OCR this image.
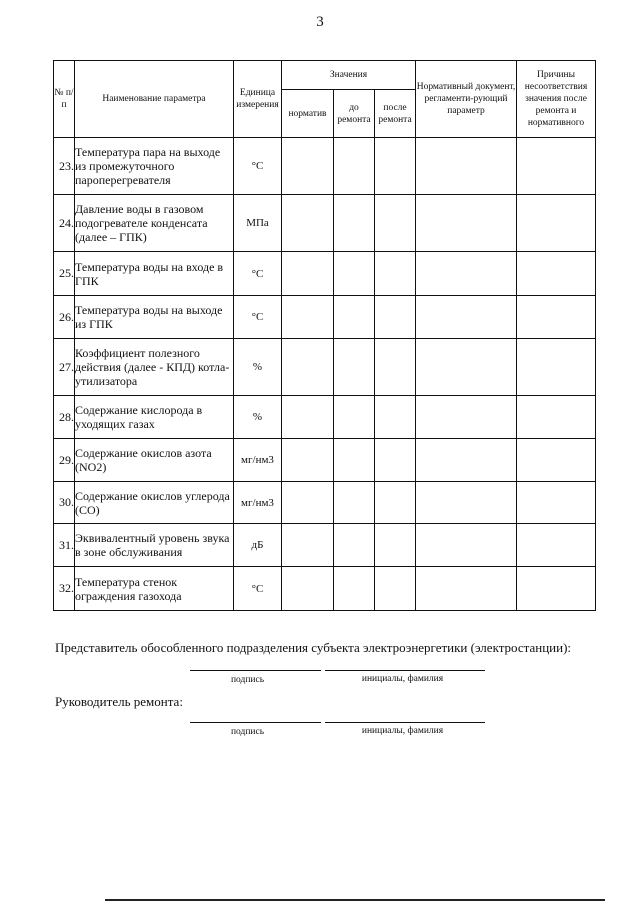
3
№ п/п	Наименование параметра	Единица измерения	Значения			Нормативный документ, регламенти-рующий параметр	Причины несоответствия значения после ремонта и нормативного
			норматив	до ремонта	после ремонта		
23.	Температура пара на выходе из промежуточного пароперегревателя	°C					
24.	Давление воды в газовом подогревателе конденсата (далее – ГПК)	МПа					
25.	Температура воды на входе в ГПК	°C					
26.	Температура воды на выходе из ГПК	°C					
27.	Коэффициент полезного действия (далее - КПД) котла-утилизатора	%					
28.	Содержание кислорода в уходящих газах	%					
29.	Содержание окислов азота (NO2)	мг/нм3					
30.	Содержание окислов углерода (CO)	мг/нм3					
31.	Эквивалентный уровень звука в зоне обслуживания	дБ					
32.	Температура стенок ограждения газохода	°C					
Представитель обособленного подразделения субъекта электроэнергетики (электростанции):
подпись	инициалы, фамилия
Руководитель ремонта:
подпись	инициалы, фамилия
